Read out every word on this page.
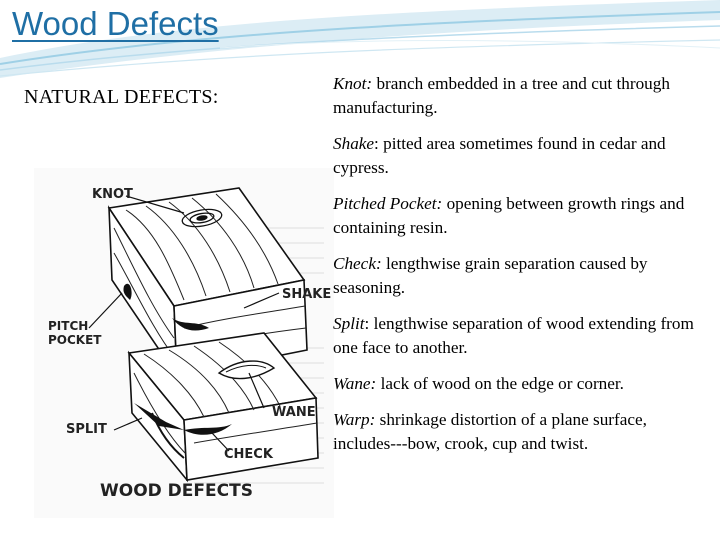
Wood Defects
NATURAL DEFECTS:
KNOT
SHAKE
PITCH
POCKET
WANE
SPLIT
CHECK
WOOD DEFECTS

Knot: branch embedded in a tree and cut through manufacturing.

Shake: pitted area sometimes found in cedar and cypress.

Pitched Pocket: opening between growth rings and containing resin.

Check: lengthwise grain separation caused by seasoning.

Split: lengthwise separation of wood extending from one face to another.

Wane: lack of wood on the edge or corner.

Warp: shrinkage distortion of a plane surface, includes---bow, crook, cup and twist.
